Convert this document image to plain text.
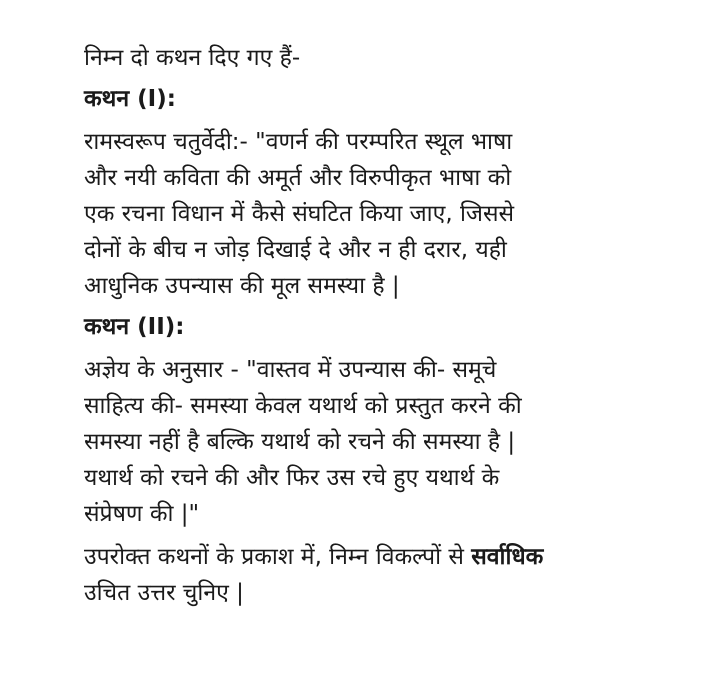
निम्न दो कथन दिए गए हैं-

कथन (I):

रामस्वरूप चतुर्वेदी:- "वणर्न की परम्परित स्थूल भाषा
और नयी कविता की अमूर्त और विरुपीकृत भाषा को
एक रचना विधान में कैसे संघटित किया जाए, जिससे
दोनों के बीच न जोड़ दिखाई दे और न ही दरार, यही
आधुनिक उपन्यास की मूल समस्या है |

कथन (II):

अज्ञेय के अनुसार - "वास्तव में उपन्यास की- समूचे
साहित्य की- समस्या केवल यथार्थ को प्रस्तुत करने की
समस्या नहीं है बल्कि यथार्थ को रचने की समस्या है |
यथार्थ को रचने की और फिर उस रचे हुए यथार्थ के
संप्रेषण की |"

उपरोक्त कथनों के प्रकाश में, निम्न विकल्पों से सर्वाधिक
उचित उत्तर चुनिए |
